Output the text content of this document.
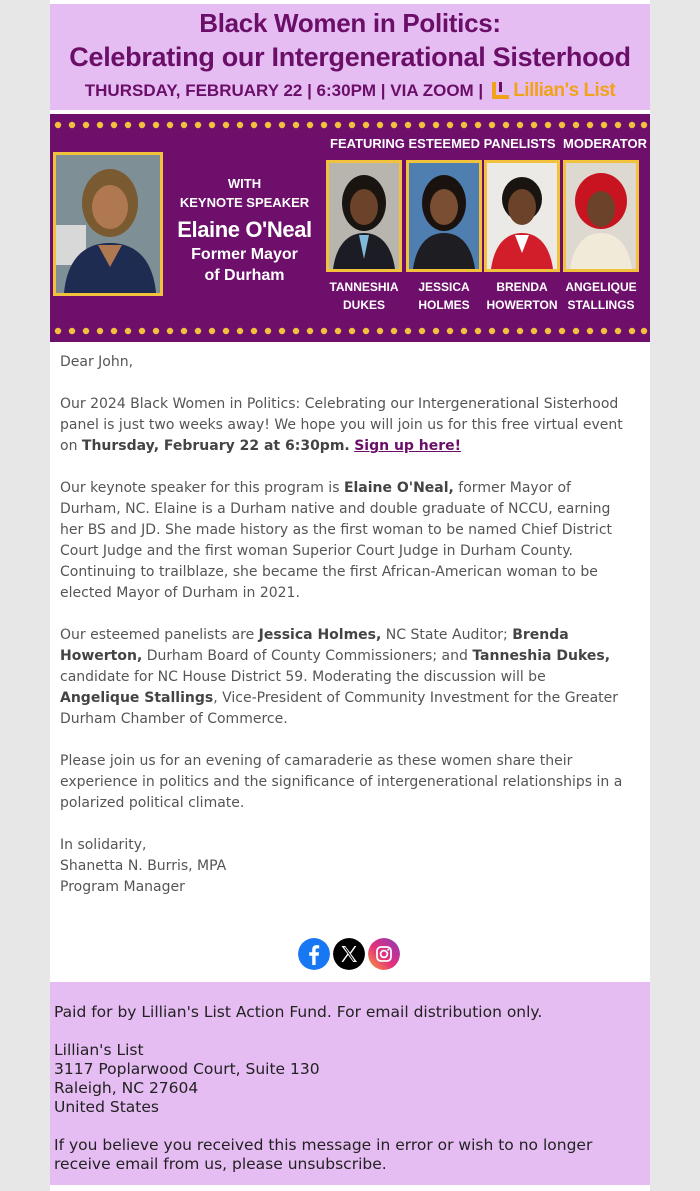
Black Women in Politics:
Celebrating our Intergenerational Sisterhood
THURSDAY, FEBRUARY 22 | 6:30PM | VIA ZOOM | Lillian's List
WITH
KEYNOTE SPEAKER
Elaine O'Neal
Former Mayor
of Durham
FEATURING ESTEEMED PANELISTS MODERATOR
TANNESHIA
DUKES
JESSICA
HOLMES
BRENDA
HOWERTON
ANGELIQUE
STALLINGS

Dear John,

Our 2024 Black Women in Politics: Celebrating our Intergenerational Sisterhood panel is just two weeks away! We hope you will join us for this free virtual event on Thursday, February 22 at 6:30pm. Sign up here!

Our keynote speaker for this program is Elaine O'Neal, former Mayor of Durham, NC. Elaine is a Durham native and double graduate of NCCU, earning her BS and JD. She made history as the first woman to be named Chief District Court Judge and the first woman Superior Court Judge in Durham County. Continuing to trailblaze, she became the first African-American woman to be elected Mayor of Durham in 2021.

Our esteemed panelists are Jessica Holmes, NC State Auditor; Brenda Howerton, Durham Board of County Commissioners; and Tanneshia Dukes, candidate for NC House District 59. Moderating the discussion will be Angelique Stallings, Vice-President of Community Investment for the Greater Durham Chamber of Commerce.

Please join us for an evening of camaraderie as these women share their experience in politics and the significance of intergenerational relationships in a polarized political climate.

In solidarity,
Shanetta N. Burris, MPA
Program Manager

Paid for by Lillian's List Action Fund. For email distribution only.

Lillian's List
3117 Poplarwood Court, Suite 130
Raleigh, NC 27604
United States

If you believe you received this message in error or wish to no longer receive email from us, please unsubscribe.
